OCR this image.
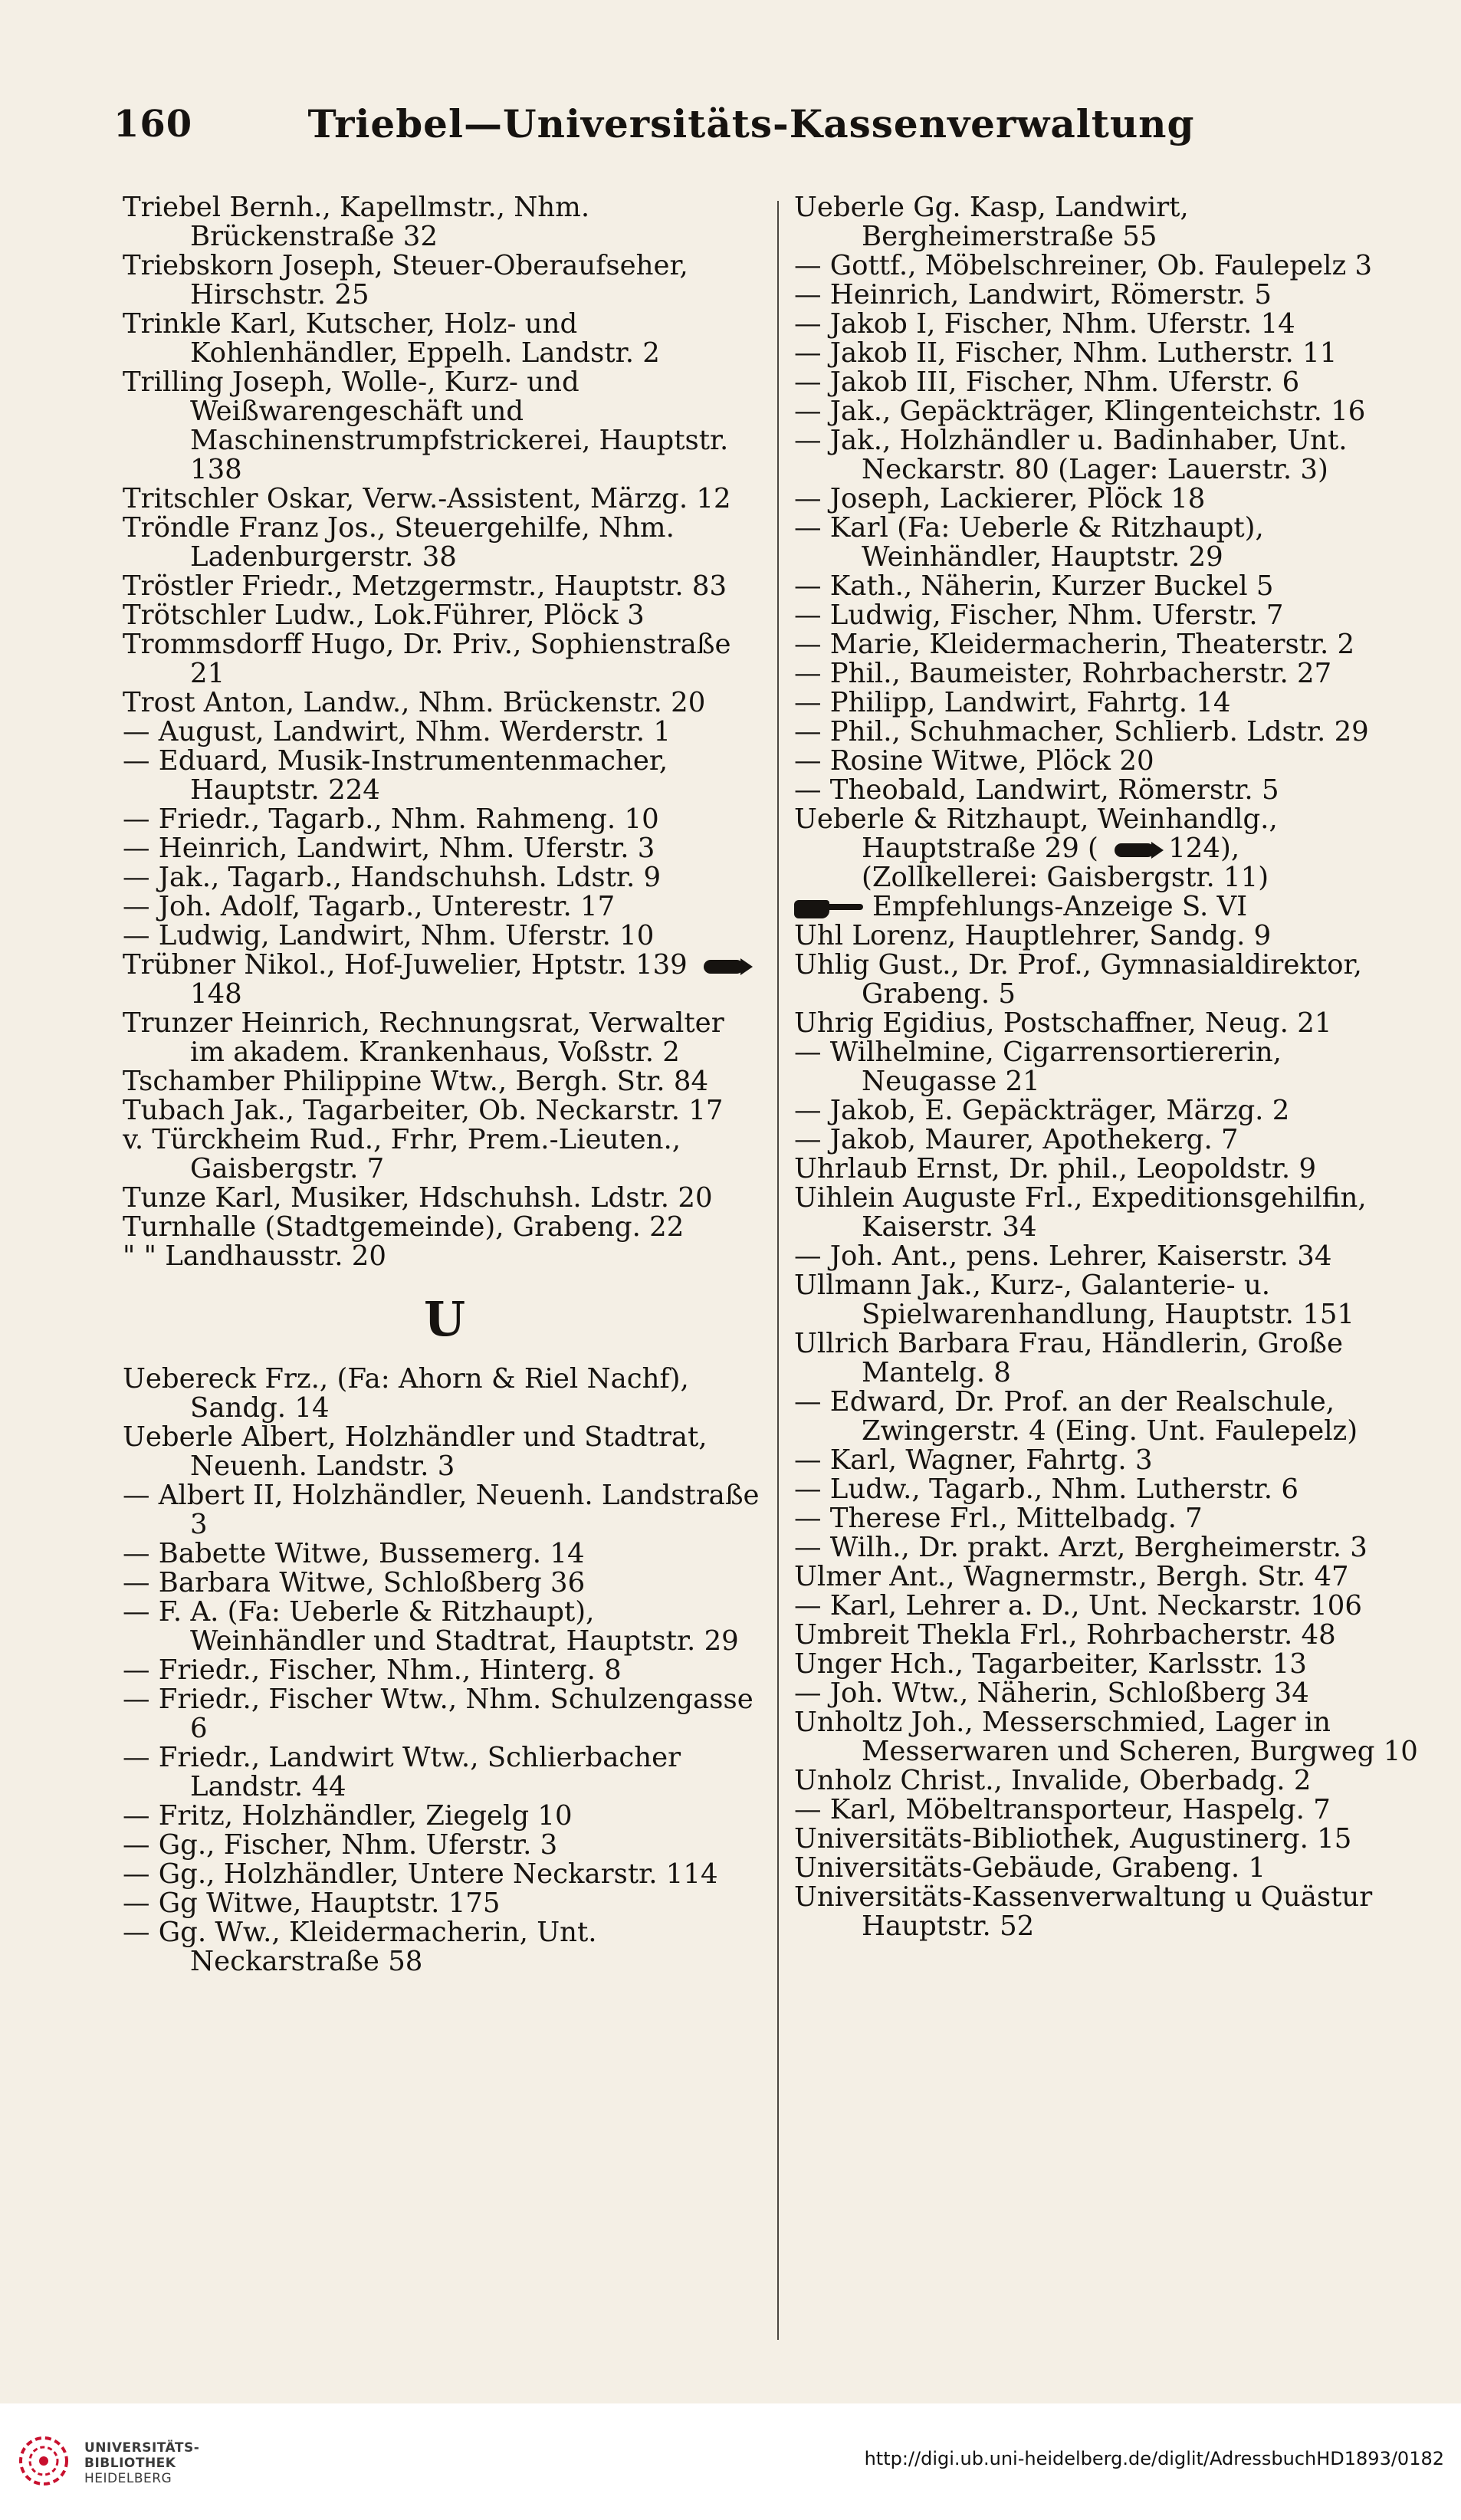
160	Triebel—Universitäts-Kassenverwaltung
Triebel Bernh., Kapellmstr., Nhm. Brückenstraße 32
Triebskorn Joseph, Steuer-Oberaufseher, Hirschstr. 25
Trinkle Karl, Kutscher, Holz- und Kohlenhändler, Eppelh. Landstr. 2
Trilling Joseph, Wolle-, Kurz- und Weißwarengeschäft und Maschinenstrumpfstrickerei, Hauptstr. 138
Tritschler Oskar, Verw.-Assistent, Märzg. 12
Tröndle Franz Jos., Steuergehilfe, Nhm. Ladenburgerstr. 38
Tröstler Friedr., Metzgermstr., Hauptstr. 83
Trötschler Ludw., Lok.Führer, Plöck 3
Trommsdorff Hugo, Dr. Priv., Sophienstraße 21
Trost Anton, Landw., Nhm. Brückenstr. 20
— August, Landwirt, Nhm. Werderstr. 1
— Eduard, Musik-Instrumentenmacher, Hauptstr. 224
— Friedr., Tagarb., Nhm. Rahmeng. 10
— Heinrich, Landwirt, Nhm. Uferstr. 3
— Jak., Tagarb., Handschuhsh. Ldstr. 9
— Joh. Adolf, Tagarb., Unterestr. 17
— Ludwig, Landwirt, Nhm. Uferstr. 10
Trübner Nikol., Hof-Juwelier, Hptstr. 139 148
Trunzer Heinrich, Rechnungsrat, Verwalter im akadem. Krankenhaus, Voßstr. 2
Tschamber Philippine Wtw., Bergh. Str. 84
Tubach Jak., Tagarbeiter, Ob. Neckarstr. 17
v. Türckheim Rud., Frhr, Prem.-Lieuten., Gaisbergstr. 7
Tunze Karl, Musiker, Hdschuhsh. Ldstr. 20
Turnhalle (Stadtgemeinde), Grabeng. 22
" " Landhausstr. 20
U
Uebereck Frz., (Fa: Ahorn & Riel Nachf), Sandg. 14
Ueberle Albert, Holzhändler und Stadtrat, Neuenh. Landstr. 3
— Albert II, Holzhändler, Neuenh. Landstraße 3
— Babette Witwe, Bussemerg. 14
— Barbara Witwe, Schloßberg 36
— F. A. (Fa: Ueberle & Ritzhaupt), Weinhändler und Stadtrat, Hauptstr. 29
— Friedr., Fischer, Nhm., Hinterg. 8
— Friedr., Fischer Wtw., Nhm. Schulzengasse 6
— Friedr., Landwirt Wtw., Schlierbacher Landstr. 44
— Fritz, Holzhändler, Ziegelg 10
— Gg., Fischer, Nhm. Uferstr. 3
— Gg., Holzhändler, Untere Neckarstr. 114
— Gg Witwe, Hauptstr. 175
— Gg. Ww., Kleidermacherin, Unt. Neckarstraße 58
Ueberle Gg. Kasp, Landwirt, Bergheimerstraße 55
— Gottf., Möbelschreiner, Ob. Faulepelz 3
— Heinrich, Landwirt, Römerstr. 5
— Jakob I, Fischer, Nhm. Uferstr. 14
— Jakob II, Fischer, Nhm. Lutherstr. 11
— Jakob III, Fischer, Nhm. Uferstr. 6
— Jak., Gepäckträger, Klingenteichstr. 16
— Jak., Holzhändler u. Badinhaber, Unt. Neckarstr. 80 (Lager: Lauerstr. 3)
— Joseph, Lackierer, Plöck 18
— Karl (Fa: Ueberle & Ritzhaupt), Weinhändler, Hauptstr. 29
— Kath., Näherin, Kurzer Buckel 5
— Ludwig, Fischer, Nhm. Uferstr. 7
— Marie, Kleidermacherin, Theaterstr. 2
— Phil., Baumeister, Rohrbacherstr. 27
— Philipp, Landwirt, Fahrtg. 14
— Phil., Schuhmacher, Schlierb. Ldstr. 29
— Rosine Witwe, Plöck 20
— Theobald, Landwirt, Römerstr. 5
Ueberle & Ritzhaupt, Weinhandlg., Hauptstraße 29 (	124), (Zollkellerei: Gaisbergstr. 11)
Empfehlungs-Anzeige S. VI
Uhl Lorenz, Hauptlehrer, Sandg. 9
Uhlig Gust., Dr. Prof., Gymnasialdirektor, Grabeng. 5
Uhrig Egidius, Postschaffner, Neug. 21
— Wilhelmine, Cigarrensortiererin, Neugasse 21
— Jakob, E. Gepäckträger, Märzg. 2
— Jakob, Maurer, Apothekerg. 7
Uhrlaub Ernst, Dr. phil., Leopoldstr. 9
Uihlein Auguste Frl., Expeditionsgehilfin, Kaiserstr. 34
— Joh. Ant., pens. Lehrer, Kaiserstr. 34
Ullmann Jak., Kurz-, Galanterie- u. Spielwarenhandlung, Hauptstr. 151
Ullrich Barbara Frau, Händlerin, Große Mantelg. 8
— Edward, Dr. Prof. an der Realschule, Zwingerstr. 4 (Eing. Unt. Faulepelz)
— Karl, Wagner, Fahrtg. 3
— Ludw., Tagarb., Nhm. Lutherstr. 6
— Therese Frl., Mittelbadg. 7
— Wilh., Dr. prakt. Arzt, Bergheimerstr. 3
Ulmer Ant., Wagnermstr., Bergh. Str. 47
— Karl, Lehrer a. D., Unt. Neckarstr. 106
Umbreit Thekla Frl., Rohrbacherstr. 48
Unger Hch., Tagarbeiter, Karlsstr. 13
— Joh. Wtw., Näherin, Schloßberg 34
Unholtz Joh., Messerschmied, Lager in Messerwaren und Scheren, Burgweg 10
Unholz Christ., Invalide, Oberbadg. 2
— Karl, Möbeltransporteur, Haspelg. 7
Universitäts-Bibliothek, Augustinerg. 15
Universitäts-Gebäude, Grabeng. 1
Universitäts-Kassenverwaltung u Quästur Hauptstr. 52
UNIVERSITÄTS-
BIBLIOTHEK
HEIDELBERG
http://digi.ub.uni-heidelberg.de/diglit/AdressbuchHD1893/0182
